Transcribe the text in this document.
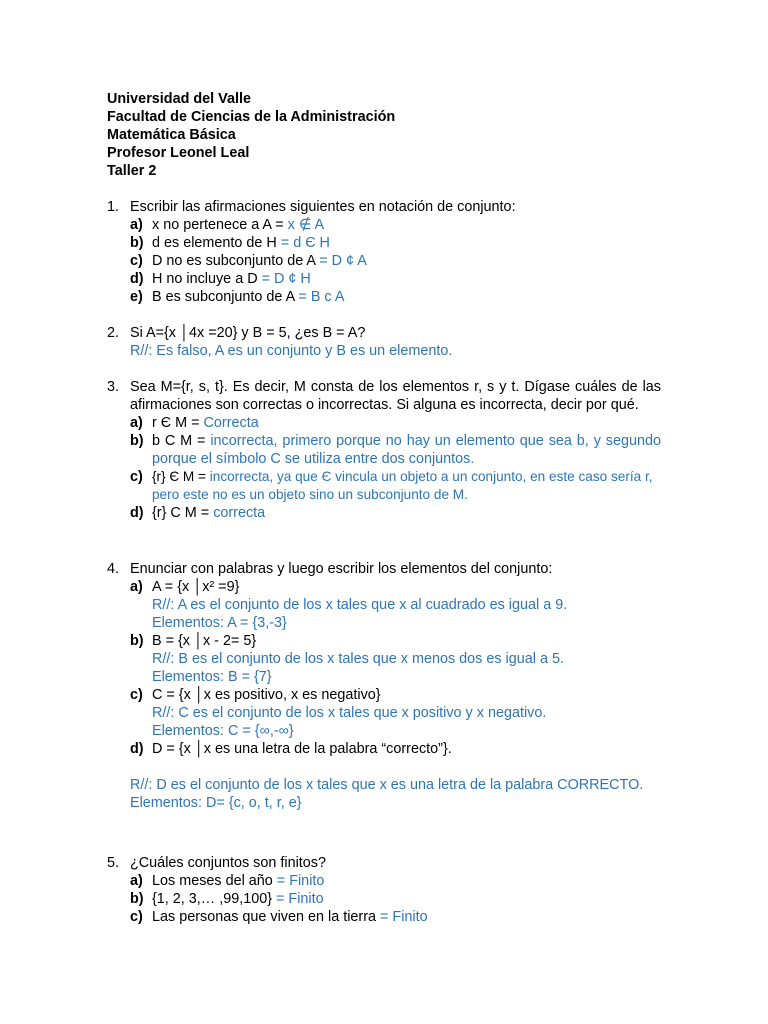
Universidad del Valle
Facultad de Ciencias de la Administración
Matemática Básica
Profesor Leonel Leal
Taller 2
1. Escribir las afirmaciones siguientes en notación de conjunto:
a) x no pertenece a A = x ∉ A
b) d es elemento de H = d Є H
c) D no es subconjunto de A = D ¢ A
d) H no incluye a D = D ¢ H
e) B es subconjunto de A = B c A
2. Si A={x │4x =20} y B = 5, ¿es B = A?
R//: Es falso, A es un conjunto y B es un elemento.
3. Sea M={r, s, t}. Es decir, M consta de los elementos r, s y t. Dígase cuáles de las afirmaciones son correctas o incorrectas. Si alguna es incorrecta, decir por qué.
a) r Є M = Correcta
b) b C M = incorrecta, primero porque no hay un elemento que sea b, y segundo porque el símbolo C se utiliza entre dos conjuntos.
c) {r} Є M = incorrecta, ya que Є vincula un objeto a un conjunto, en este caso sería r, pero este no es un objeto sino un subconjunto de M.
d) {r} C M = correcta
4. Enunciar con palabras y luego escribir los elementos del conjunto:
a) A = {x │x² =9}
R//: A es el conjunto de los x tales que x al cuadrado es igual a 9.
Elementos: A = {3,-3}
b) B = {x │x - 2= 5}
R//: B es el conjunto de los x tales que x menos dos es igual a 5.
Elementos: B = {7}
c) C = {x │x es positivo, x es negativo}
R//: C es el conjunto de los x tales que x positivo y x negativo.
Elementos: C = {∞,-∞}
d) D = {x │x es una letra de la palabra “correcto”}.
R//: D es el conjunto de los x tales que x es una letra de la palabra CORRECTO.
Elementos: D= {c, o, t, r, e}
5. ¿Cuáles conjuntos son finitos?
a) Los meses del año = Finito
b) {1, 2, 3,… ,99,100} = Finito
c) Las personas que viven en la tierra = Finito
